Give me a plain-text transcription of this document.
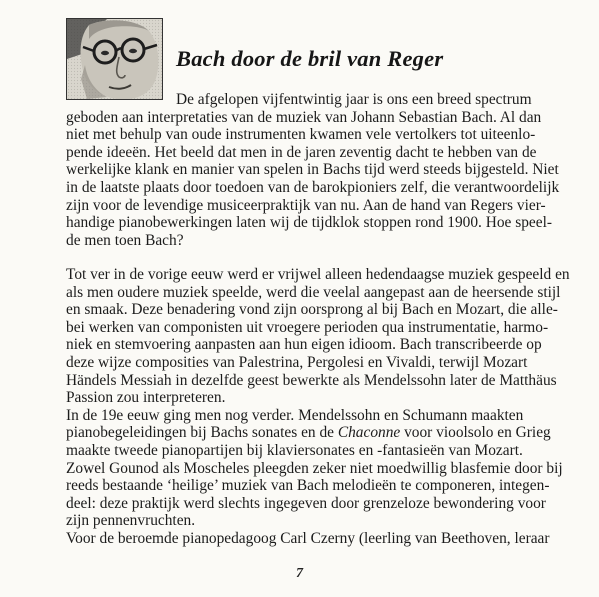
Bach door de bril van Reger
De afgelopen vijfentwintig jaar is ons een breed spectrum
geboden aan interpretaties van de muziek van Johann Sebastian Bach. Al dan
niet met behulp van oude instrumenten kwamen vele vertolkers tot uiteenlo-
pende ideeën. Het beeld dat men in de jaren zeventig dacht te hebben van de
werkelijke klank en manier van spelen in Bachs tijd werd steeds bijgesteld. Niet
in de laatste plaats door toedoen van de barokpioniers zelf, die verantwoordelijk
zijn voor de levendige musiceerpraktijk van nu. Aan de hand van Regers vier-
handige pianobewerkingen laten wij de tijdklok stoppen rond 1900. Hoe speel-
de men toen Bach?
Tot ver in de vorige eeuw werd er vrijwel alleen hedendaagse muziek gespeeld en
als men oudere muziek speelde, werd die veelal aangepast aan de heersende stijl
en smaak. Deze benadering vond zijn oorsprong al bij Bach en Mozart, die alle-
bei werken van componisten uit vroegere perioden qua instrumentatie, harmo-
niek en stemvoering aanpasten aan hun eigen idioom. Bach transcribeerde op
deze wijze composities van Palestrina, Pergolesi en Vivaldi, terwijl Mozart
Händels Messiah in dezelfde geest bewerkte als Mendelssohn later de Matthäus
Passion zou interpreteren.
In de 19e eeuw ging men nog verder. Mendelssohn en Schumann maakten
pianobegeleidingen bij Bachs sonates en de Chaconne voor vioolsolo en Grieg
maakte tweede pianopartijen bij klaviersonates en -fantasieën van Mozart.
Zowel Gounod als Moscheles pleegden zeker niet moedwillig blasfemie door bij
reeds bestaande ‘heilige’ muziek van Bach melodieën te componeren, integen-
deel: deze praktijk werd slechts ingegeven door grenzeloze bewondering voor
zijn pennenvruchten.
Voor de beroemde pianopedagoog Carl Czerny (leerling van Beethoven, leraar
7
